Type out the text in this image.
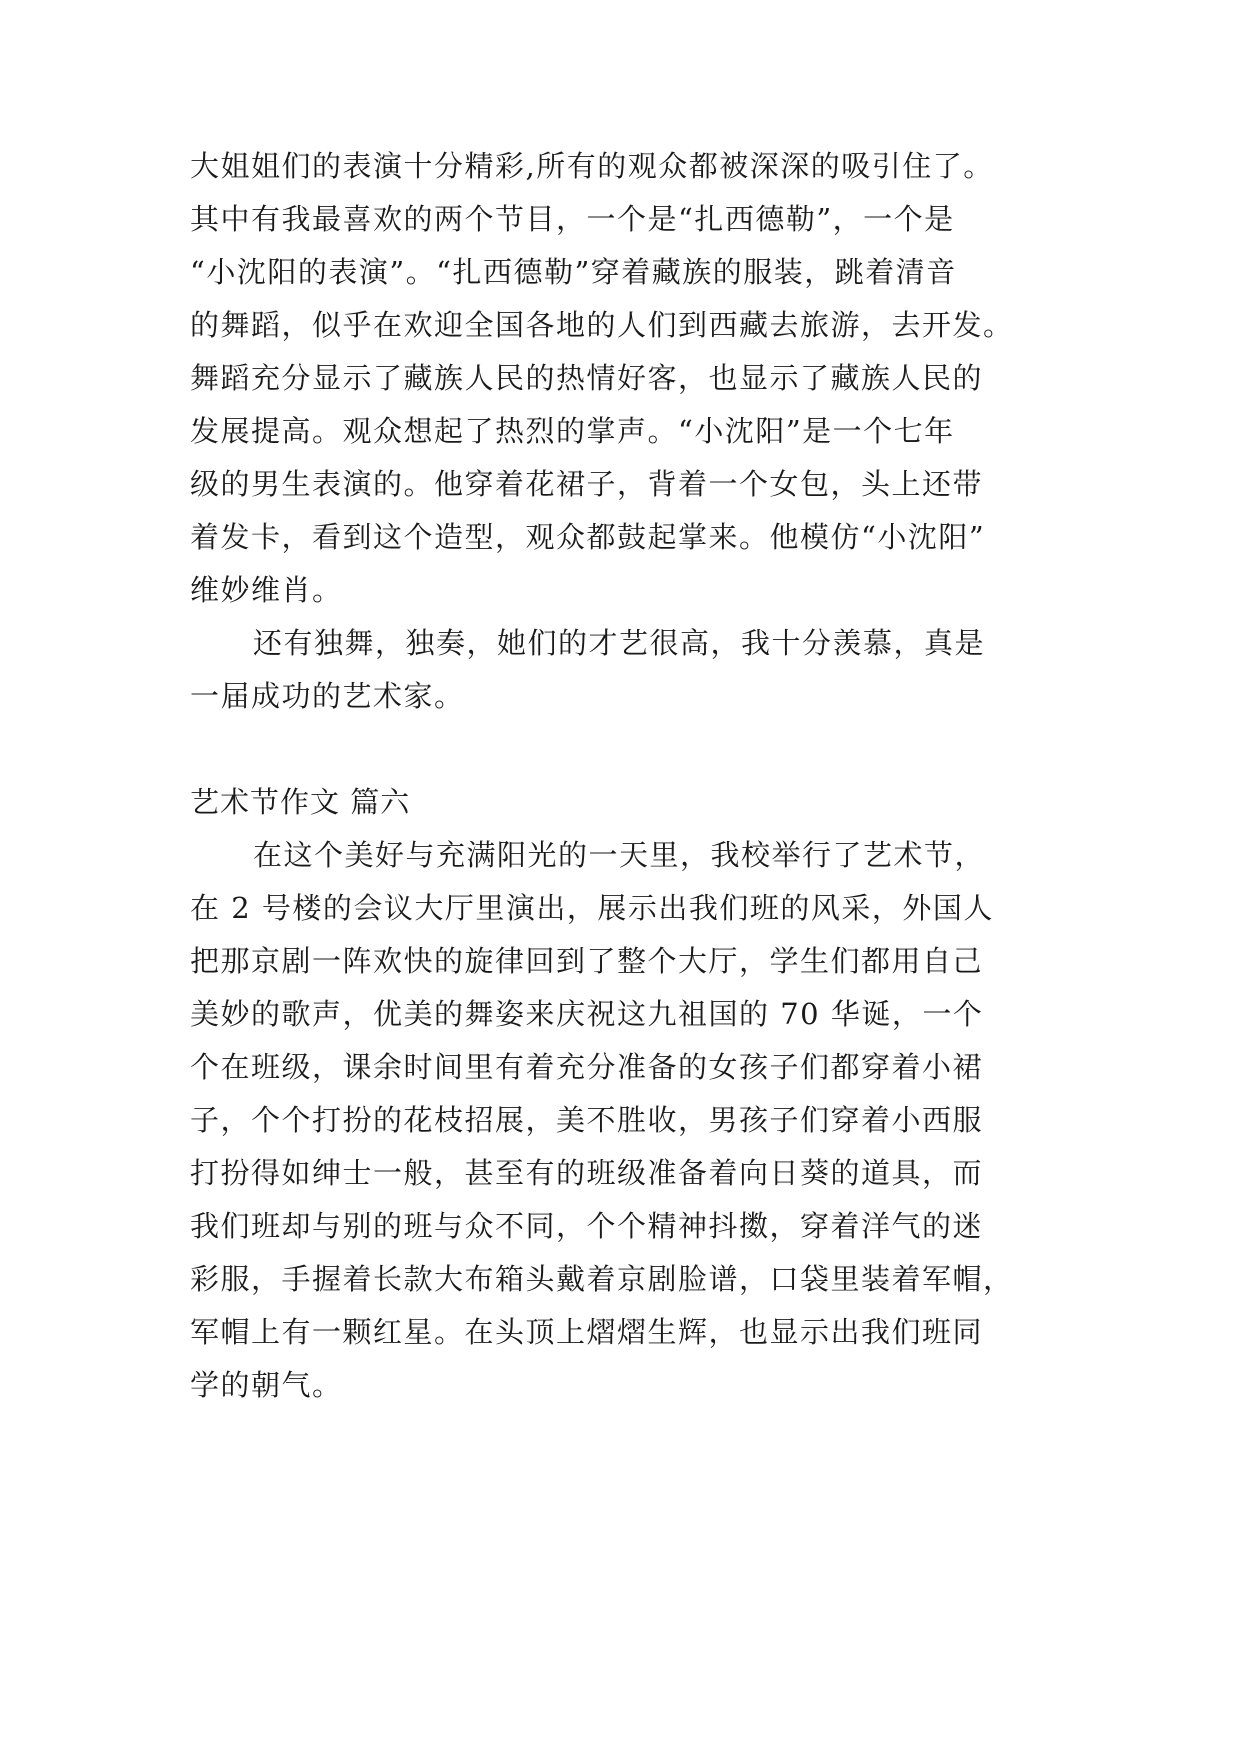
大姐姐们的表演十分精彩,所有的观众都被深深的吸引住了。
其中有我最喜欢的两个节目，一个是“扎西德勒”，一个是
“小沈阳的表演”。“扎西德勒”穿着藏族的服装，跳着清音
的舞蹈，似乎在欢迎全国各地的人们到西藏去旅游，去开发。
舞蹈充分显示了藏族人民的热情好客，也显示了藏族人民的
发展提高。观众想起了热烈的掌声。“小沈阳”是一个七年
级的男生表演的。他穿着花裙子，背着一个女包，头上还带
着发卡，看到这个造型，观众都鼓起掌来。他模仿“小沈阳”
维妙维肖。
还有独舞，独奏，她们的才艺很高，我十分羡慕，真是
一届成功的艺术家。
艺术节作文 篇六
在这个美好与充满阳光的一天里，我校举行了艺术节，
在 2 号楼的会议大厅里演出，展示出我们班的风采，外国人
把那京剧一阵欢快的旋律回到了整个大厅，学生们都用自己
美妙的歌声，优美的舞姿来庆祝这九祖国的 70 华诞，一个
个在班级，课余时间里有着充分准备的女孩子们都穿着小裙
子，个个打扮的花枝招展，美不胜收，男孩子们穿着小西服
打扮得如绅士一般，甚至有的班级准备着向日葵的道具，而
我们班却与别的班与众不同，个个精神抖擞，穿着洋气的迷
彩服，手握着长款大布箱头戴着京剧脸谱，口袋里装着军帽，
军帽上有一颗红星。在头顶上熠熠生辉，也显示出我们班同
学的朝气。
